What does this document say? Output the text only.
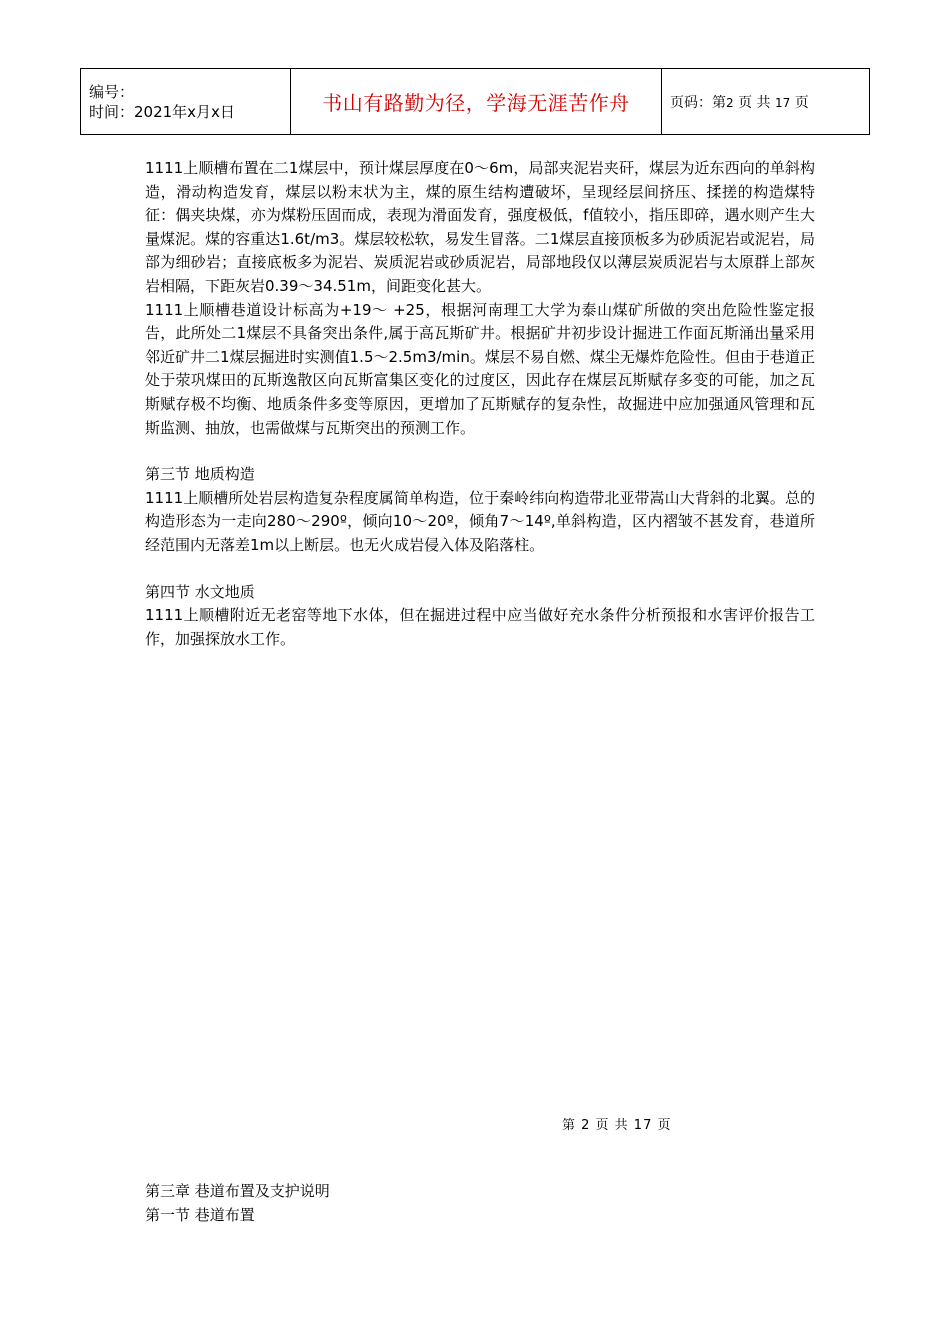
编号：
时间：2021年x月x日	书山有路勤为径，学海无涯苦作舟	页码：第2 页 共 17 页

1111上顺槽布置在二1煤层中，预计煤层厚度在0～6m，局部夹泥岩夹矸，煤层为近东西向的单斜构造，滑动构造发育，煤层以粉末状为主，煤的原生结构遭破坏，呈现经层间挤压、揉搓的构造煤特征：偶夹块煤，亦为煤粉压固而成，表现为滑面发育，强度极低，f值较小，指压即碎，遇水则产生大量煤泥。煤的容重达1.6t/m3。煤层较松软，易发生冒落。二1煤层直接顶板多为砂质泥岩或泥岩，局部为细砂岩；直接底板多为泥岩、炭质泥岩或砂质泥岩，局部地段仅以薄层炭质泥岩与太原群上部灰岩相隔，下距灰岩0.39～34.51m，间距变化甚大。

1111上顺槽巷道设计标高为+19～ +25，根据河南理工大学为泰山煤矿所做的突出危险性鉴定报告，此所处二1煤层不具备突出条件,属于高瓦斯矿井。根据矿井初步设计掘进工作面瓦斯涌出量采用邻近矿井二1煤层掘进时实测值1.5～2.5m3/min。煤层不易自燃、煤尘无爆炸危险性。但由于巷道正处于荥巩煤田的瓦斯逸散区向瓦斯富集区变化的过度区，因此存在煤层瓦斯赋存多变的可能，加之瓦斯赋存极不均衡、地质条件多变等原因，更增加了瓦斯赋存的复杂性，故掘进中应加强通风管理和瓦斯监测、抽放，也需做煤与瓦斯突出的预测工作。

第三节 地质构造

1111上顺槽所处岩层构造复杂程度属简单构造，位于秦岭纬向构造带北亚带嵩山大背斜的北翼。总的构造形态为一走向280～290º，倾向10～20º，倾角7～14º,单斜构造，区内褶皱不甚发育，巷道所经范围内无落差1m以上断层。也无火成岩侵入体及陷落柱。

第四节 水文地质

1111上顺槽附近无老窑等地下水体，但在掘进过程中应当做好充水条件分析预报和水害评价报告工作，加强探放水工作。

第 2 页 共 17 页
第三章 巷道布置及支护说明
第一节 巷道布置
